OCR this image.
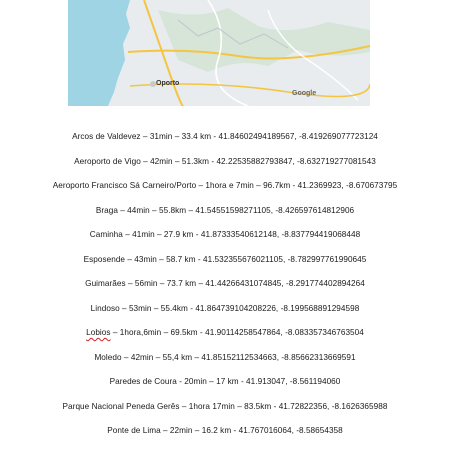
Oporto
Google
Arcos de Valdevez – 31min – 33.4 km - 41.84602494189567, -8.419269077723124
Aeroporto de Vigo – 42min – 51.3km - 42.22535882793847, -8.632719277081543
Aeroporto Francisco Sá Carneiro/Porto – 1hora e 7min – 96.7km - 41.2369923, -8.670673795
Braga – 44min – 55.8km – 41.54551598271105, -8.426597614812906
Caminha – 41min – 27.9 km - 41.87333540612148, -8.837794419068448
Esposende – 43min – 58.7 km - 41.532355676021105, -8.782997761990645
Guimarães – 56min – 73.7 km – 41.44266431074845, -8.291774402894264
Lindoso – 53min – 55.4km - 41.864739104208226, -8.199568891294598
Lobios – 1hora,6min – 69.5km - 41.90114258547864, -8.083357346763504
Moledo – 42min – 55,4 km – 41.85152112534663, -8.85662313669591
Paredes de Coura - 20min – 17 km - 41.913047, -8.561194060
Parque Nacional Peneda Gerês – 1hora 17min – 83.5km - 41.72822356, -8.1626365988
Ponte de Lima – 22min – 16.2 km - 41.767016064, -8.58654358
